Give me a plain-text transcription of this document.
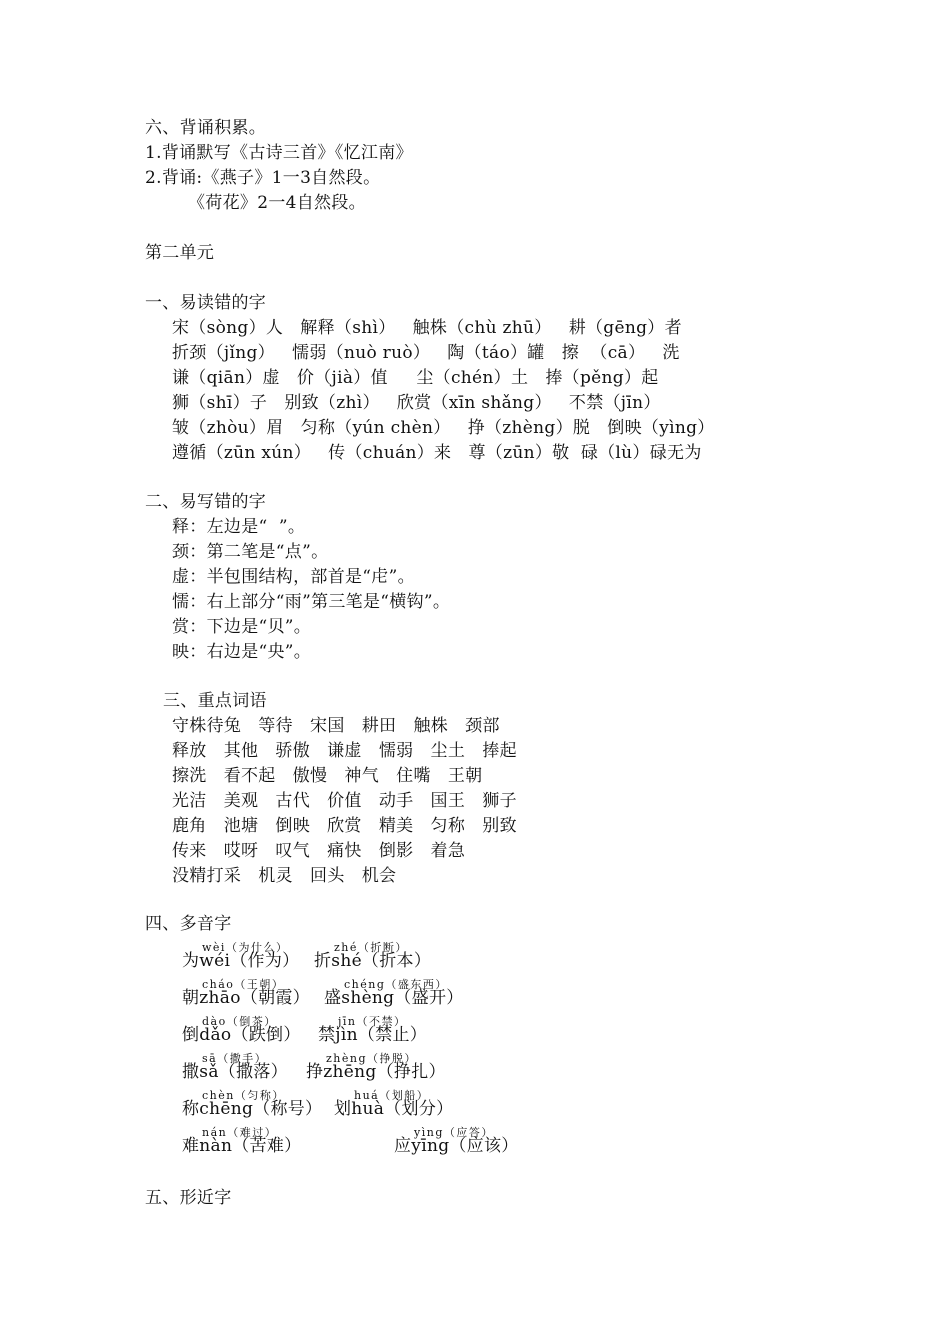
六、背诵积累。
1.背诵默写《古诗三首》《忆江南》
2.背诵:《燕子》1一3自然段。
《荷花》2一4自然段。
第二单元
一、易读错的字
宋（sòng）人   解释（shì）   触株（chù zhū）   耕（gēng）者
折颈（jǐng）   懦弱（nuò ruò）   陶（táo）罐   擦  （cā）   洗
谦（qiān）虚   价（jià）值     尘（chén）土   捧（pěng）起
狮（shī）子   别致（zhì）   欣赏（xīn shǎng）   不禁（jīn）
皱（zhòu）眉   匀称（yún chèn）   挣（zhèng）脱   倒映（yìng）
遵循（zūn xún）   传（chuán）来   尊（zūn）敬  碌（lù）碌无为
二、易写错的字
释：左边是“  ”。
颈：第二笔是“点”。
虚：半包围结构，部首是“虍”。
懦：右上部分“雨”第三笔是“横钩”。
赏：下边是“贝”。
映：右边是“央”。
三、重点词语
守株待兔   等待   宋国   耕田   触株   颈部
释放   其他   骄傲   谦虚   懦弱   尘土   捧起
擦洗   看不起   傲慢   神气   住嘴   王朝
光洁   美观   古代   价值   动手   国王   狮子
鹿角   池塘   倒映   欣赏   精美   匀称   别致
传来   哎呀   叹气   痛快   倒影   着急
没精打采   机灵   回头   机会
四、多音字

wèi（为什么）

为wéi（作为）

zhé（折断）

折shé（折本）

cháo（王朝）

朝zhāo（朝霞）

chéng（盛东西）

盛shèng（盛开）

dào（倒茶）

倒dǎo（跌倒）

jīn（不禁）

禁jìn（禁止）

sā（撒手）

撒sǎ（撒落）

zhèng（挣脱）

挣zhēng（挣扎）

chèn（匀称）

称chēng（称号）

huá（划船）

划huà（划分）

nán（难过）

难nàn（苦难）

yìng（应答）

应yīng（应该）

五、形近字
